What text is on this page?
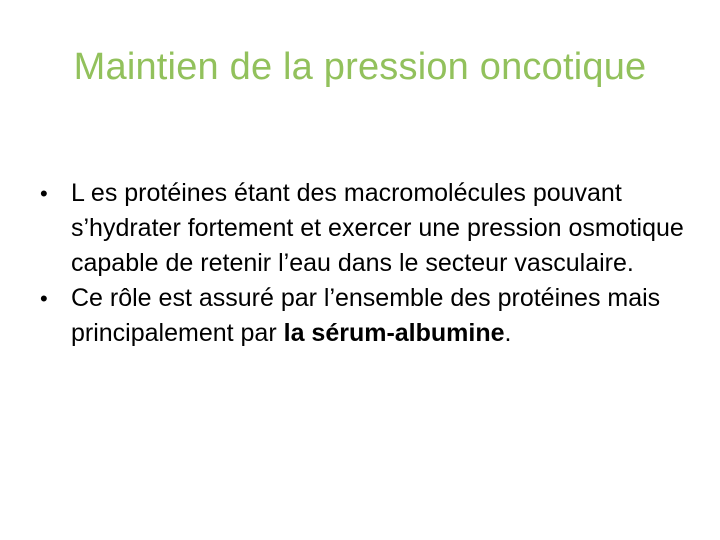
Maintien de la pression oncotique
• L es protéines étant des macromolécules pouvant s’hydrater fortement et exercer une pression osmotique capable de retenir l’eau dans le secteur vasculaire.
• Ce rôle est assuré par l’ensemble des protéines mais principalement par la sérum-albumine.
